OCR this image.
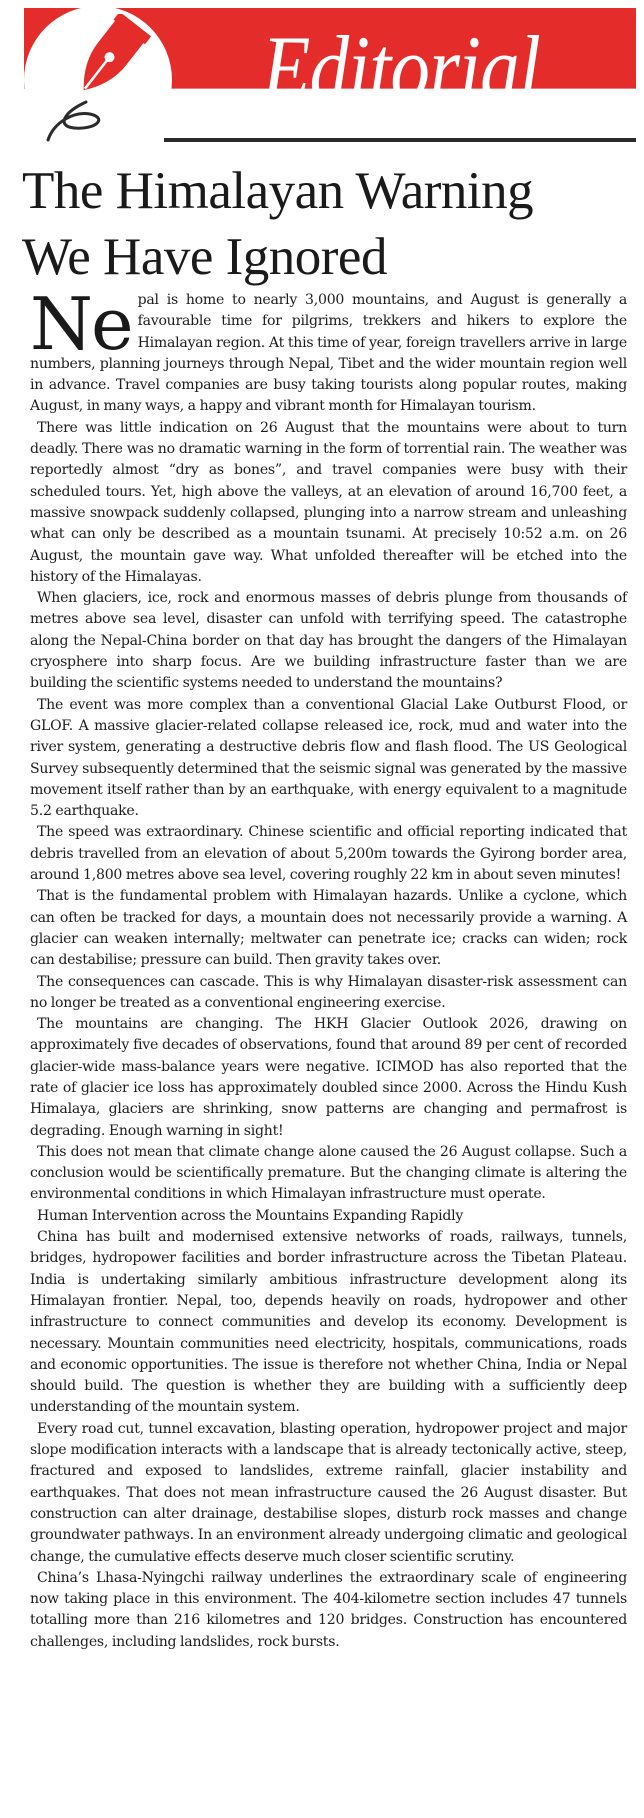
Editorial
The Himalayan Warning
We Have Ignored

Ne pal is home to nearly 3,000 mountains, and August is generally a favourable time for pilgrims, trekkers and hikers to explore the Himalayan region. At this time of year, foreign travellers arrive in large numbers, planning journeys through Nepal, Tibet and the wider mountain region well in advance. Travel companies are busy taking tourists along popular routes, making August, in many ways, a happy and vibrant month for Himalayan tourism.

There was little indication on 26 August that the mountains were about to turn deadly. There was no dramatic warning in the form of torrential rain. The weather was reportedly almost “dry as bones”, and travel companies were busy with their scheduled tours. Yet, high above the valleys, at an elevation of around 16,700 feet, a massive snowpack suddenly collapsed, plunging into a narrow stream and unleashing what can only be described as a mountain tsunami. At precisely 10:52 a.m. on 26 August, the mountain gave way. What unfolded thereafter will be etched into the history of the Himalayas.

When glaciers, ice, rock and enormous masses of debris plunge from thousands of metres above sea level, disaster can unfold with terrifying speed. The catastrophe along the Nepal-China border on that day has brought the dangers of the Himalayan cryosphere into sharp focus. Are we building infrastructure faster than we are building the scientific systems needed to understand the mountains?

The event was more complex than a conventional Glacial Lake Outburst Flood, or GLOF. A massive glacier-related collapse released ice, rock, mud and water into the river system, generating a destructive debris flow and flash flood. The US Geological Survey subsequently determined that the seismic signal was generated by the massive movement itself rather than by an earthquake, with energy equivalent to a magnitude 5.2 earthquake.

The speed was extraordinary. Chinese scientific and official reporting indicated that debris travelled from an elevation of about 5,200m towards the Gyirong border area, around 1,800 metres above sea level, covering roughly 22 km in about seven minutes!

That is the fundamental problem with Himalayan hazards. Unlike a cyclone, which can often be tracked for days, a mountain does not necessarily provide a warning. A glacier can weaken internally; meltwater can penetrate ice; cracks can widen; rock can destabilise; pressure can build. Then gravity takes over.

The consequences can cascade. This is why Himalayan disaster-risk assessment can no longer be treated as a conventional engineering exercise.

The mountains are changing. The HKH Glacier Outlook 2026, drawing on approximately five decades of observations, found that around 89 per cent of recorded glacier-wide mass-balance years were negative. ICIMOD has also reported that the rate of glacier ice loss has approximately doubled since 2000. Across the Hindu Kush Himalaya, glaciers are shrinking, snow patterns are changing and permafrost is degrading. Enough warning in sight!

This does not mean that climate change alone caused the 26 August collapse. Such a conclusion would be scientifically premature. But the changing climate is altering the environmental conditions in which Himalayan infrastructure must operate.

Human Intervention across the Mountains Expanding Rapidly

China has built and modernised extensive networks of roads, railways, tunnels, bridges, hydropower facilities and border infrastructure across the Tibetan Plateau. India is undertaking similarly ambitious infrastructure development along its Himalayan frontier. Nepal, too, depends heavily on roads, hydropower and other infrastructure to connect communities and develop its economy. Development is necessary. Mountain communities need electricity, hospitals, communications, roads and economic opportunities. The issue is therefore not whether China, India or Nepal should build. The question is whether they are building with a sufficiently deep understanding of the mountain system.

Every road cut, tunnel excavation, blasting operation, hydropower project and major slope modification interacts with a landscape that is already tectonically active, steep, fractured and exposed to landslides, extreme rainfall, glacier instability and earthquakes. That does not mean infrastructure caused the 26 August disaster. But construction can alter drainage, destabilise slopes, disturb rock masses and change groundwater pathways. In an environment already undergoing climatic and geological change, the cumulative effects deserve much closer scientific scrutiny.

China’s Lhasa-Nyingchi railway underlines the extraordinary scale of engineering now taking place in this environment. The 404-kilometre section includes 47 tunnels totalling more than 216 kilometres and 120 bridges. Construction has encountered challenges, including landslides, rock bursts.
